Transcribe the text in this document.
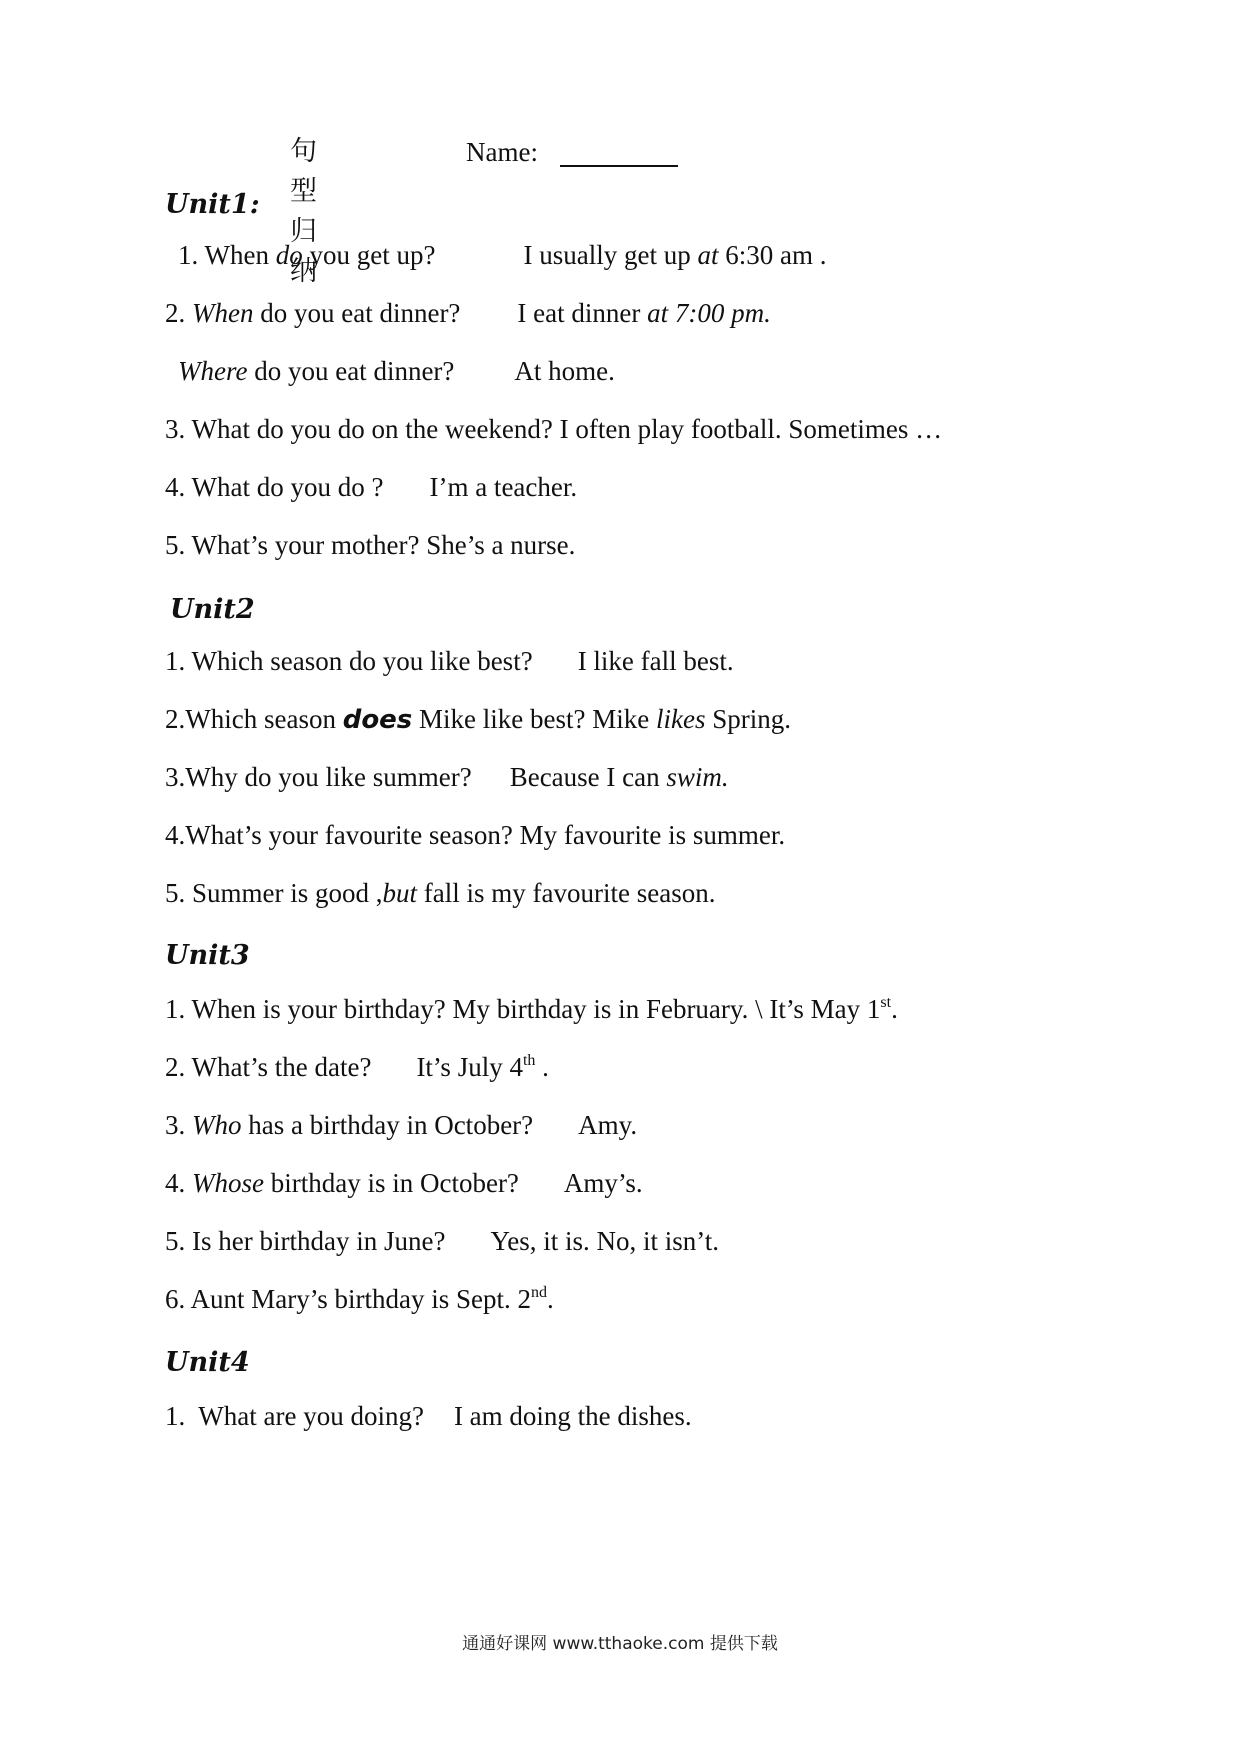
句型归纳
Name:
Unit1:
1. When do you get up?	I usually get up at 6:30 am .
2. When do you eat dinner? I eat dinner at 7:00 pm.
Where do you eat dinner? At home.
3. What do you do on the weekend? I often play football. Sometimes …
4. What do you do ? I’m a teacher.
5. What’s your mother? She’s a nurse.
Unit2
1. Which season do you like best? I like fall best.
2.Which season does Mike like best? Mike likes Spring.
3.Why do you like summer? Because I can swim.
4.What’s your favourite season? My favourite is summer.
5. Summer is good ,but fall is my favourite season.
Unit3
1. When is your birthday? My birthday is in February. \ It’s May 1st.
2. What’s the date? It’s July 4th .
3. Who has a birthday in October? Amy.
4. Whose birthday is in October? Amy’s.
5. Is her birthday in June? Yes, it is. No, it isn’t.
6. Aunt Mary’s birthday is Sept. 2nd.
Unit4
1.  What are you doing? I am doing the dishes.
通通好课网 www.tthaoke.com 提供下载
